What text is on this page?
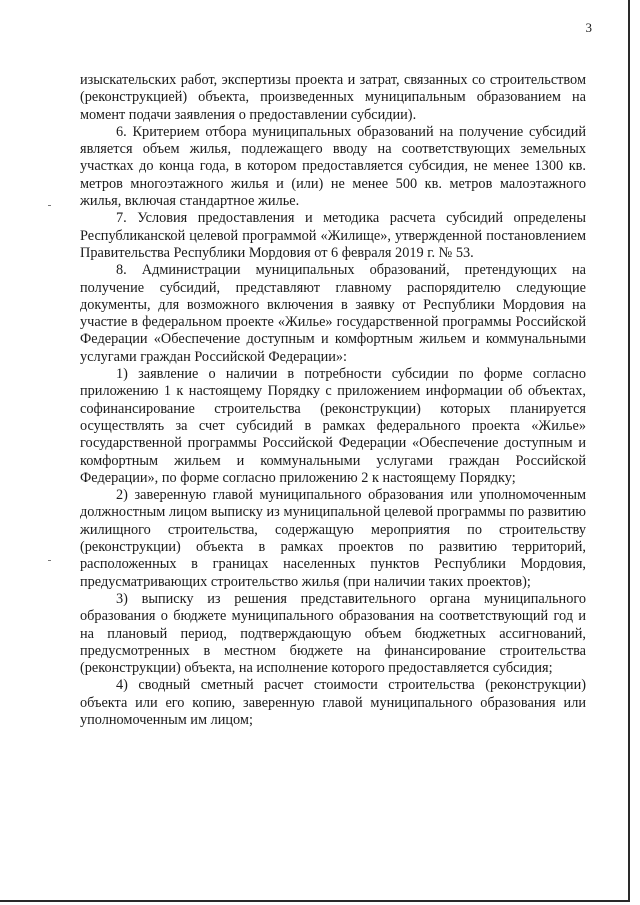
3

изыскательских работ, экспертизы проекта и затрат, связанных со строительством (реконструкцией) объекта, произведенных муниципальным образованием на момент подачи заявления о предоставлении субсидии).

6. Критерием отбора муниципальных образований на получение субсидий является объем жилья, подлежащего вводу на соответствующих земельных участках до конца года, в котором предоставляется субсидия, не менее 1300 кв. метров многоэтажного жилья и (или) не менее 500 кв. метров малоэтажного жилья, включая стандартное жилье.

7. Условия предоставления и методика расчета субсидий определены Республиканской целевой программой «Жилище», утвержденной постановлением Правительства Республики Мордовия от 6 февраля 2019 г. № 53.

8. Администрации муниципальных образований, претендующих на получение субсидий, представляют главному распорядителю следующие документы, для возможного включения в заявку от Республики Мордовия на участие в федеральном проекте «Жилье» государственной программы Российской Федерации «Обеспечение доступным и комфортным жильем и коммунальными услугами граждан Российской Федерации»:

1) заявление о наличии в потребности субсидии по форме согласно приложению 1 к настоящему Порядку с приложением информации об объектах, софинансирование строительства (реконструкции) которых планируется осуществлять за счет субсидий в рамках федерального проекта «Жилье» государственной программы Российской Федерации «Обеспечение доступным и комфортным жильем и коммунальными услугами граждан Российской Федерации», по форме согласно приложению 2 к настоящему Порядку;

2) заверенную главой муниципального образования или уполномоченным должностным лицом выписку из муниципальной целевой программы по развитию жилищного строительства, содержащую мероприятия по строительству (реконструкции) объекта в рамках проектов по развитию территорий, расположенных в границах населенных пунктов Республики Мордовия, предусматривающих строительство жилья (при наличии таких проектов);

3) выписку из решения представительного органа муниципального образования о бюджете муниципального образования на соответствующий год и на плановый период, подтверждающую объем бюджетных ассигнований, предусмотренных в местном бюджете на финансирование строительства (реконструкции) объекта, на исполнение которого предоставляется субсидия;

4) сводный сметный расчет стоимости строительства (реконструкции) объекта или его копию, заверенную главой муниципального образования или уполномоченным им лицом;
